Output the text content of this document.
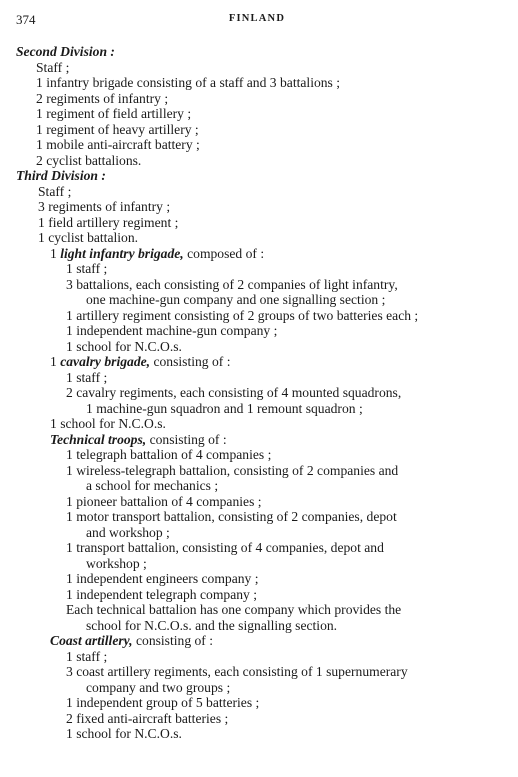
374	FINLAND
Second Division :
Staff ;
1 infantry brigade consisting of a staff and 3 battalions ;
2 regiments of infantry ;
1 regiment of field artillery ;
1 regiment of heavy artillery ;
1 mobile anti-aircraft battery ;
2 cyclist battalions.
Third Division :
Staff ;
3 regiments of infantry ;
1 field artillery regiment ;
1 cyclist battalion.
1 light infantry brigade, composed of :
1 staff ;
3 battalions, each consisting of 2 companies of light infantry,
one machine-gun company and one signalling section ;
1 artillery regiment consisting of 2 groups of two batteries each ;
1 independent machine-gun company ;
1 school for N.C.O.s.
1 cavalry brigade, consisting of :
1 staff ;
2 cavalry regiments, each consisting of 4 mounted squadrons,
1 machine-gun squadron and 1 remount squadron ;
1 school for N.C.O.s.
Technical troops, consisting of :
1 telegraph battalion of 4 companies ;
1 wireless-telegraph battalion, consisting of 2 companies and
a school for mechanics ;
1 pioneer battalion of 4 companies ;
1 motor transport battalion, consisting of 2 companies, depot
and workshop ;
1 transport battalion, consisting of 4 companies, depot and
workshop ;
1 independent engineers company ;
1 independent telegraph company ;
Each technical battalion has one company which provides the
school for N.C.O.s. and the signalling section.
Coast artillery, consisting of :
1 staff ;
3 coast artillery regiments, each consisting of 1 supernumerary
company and two groups ;
1 independent group of 5 batteries ;
2 fixed anti-aircraft batteries ;
1 school for N.C.O.s.
